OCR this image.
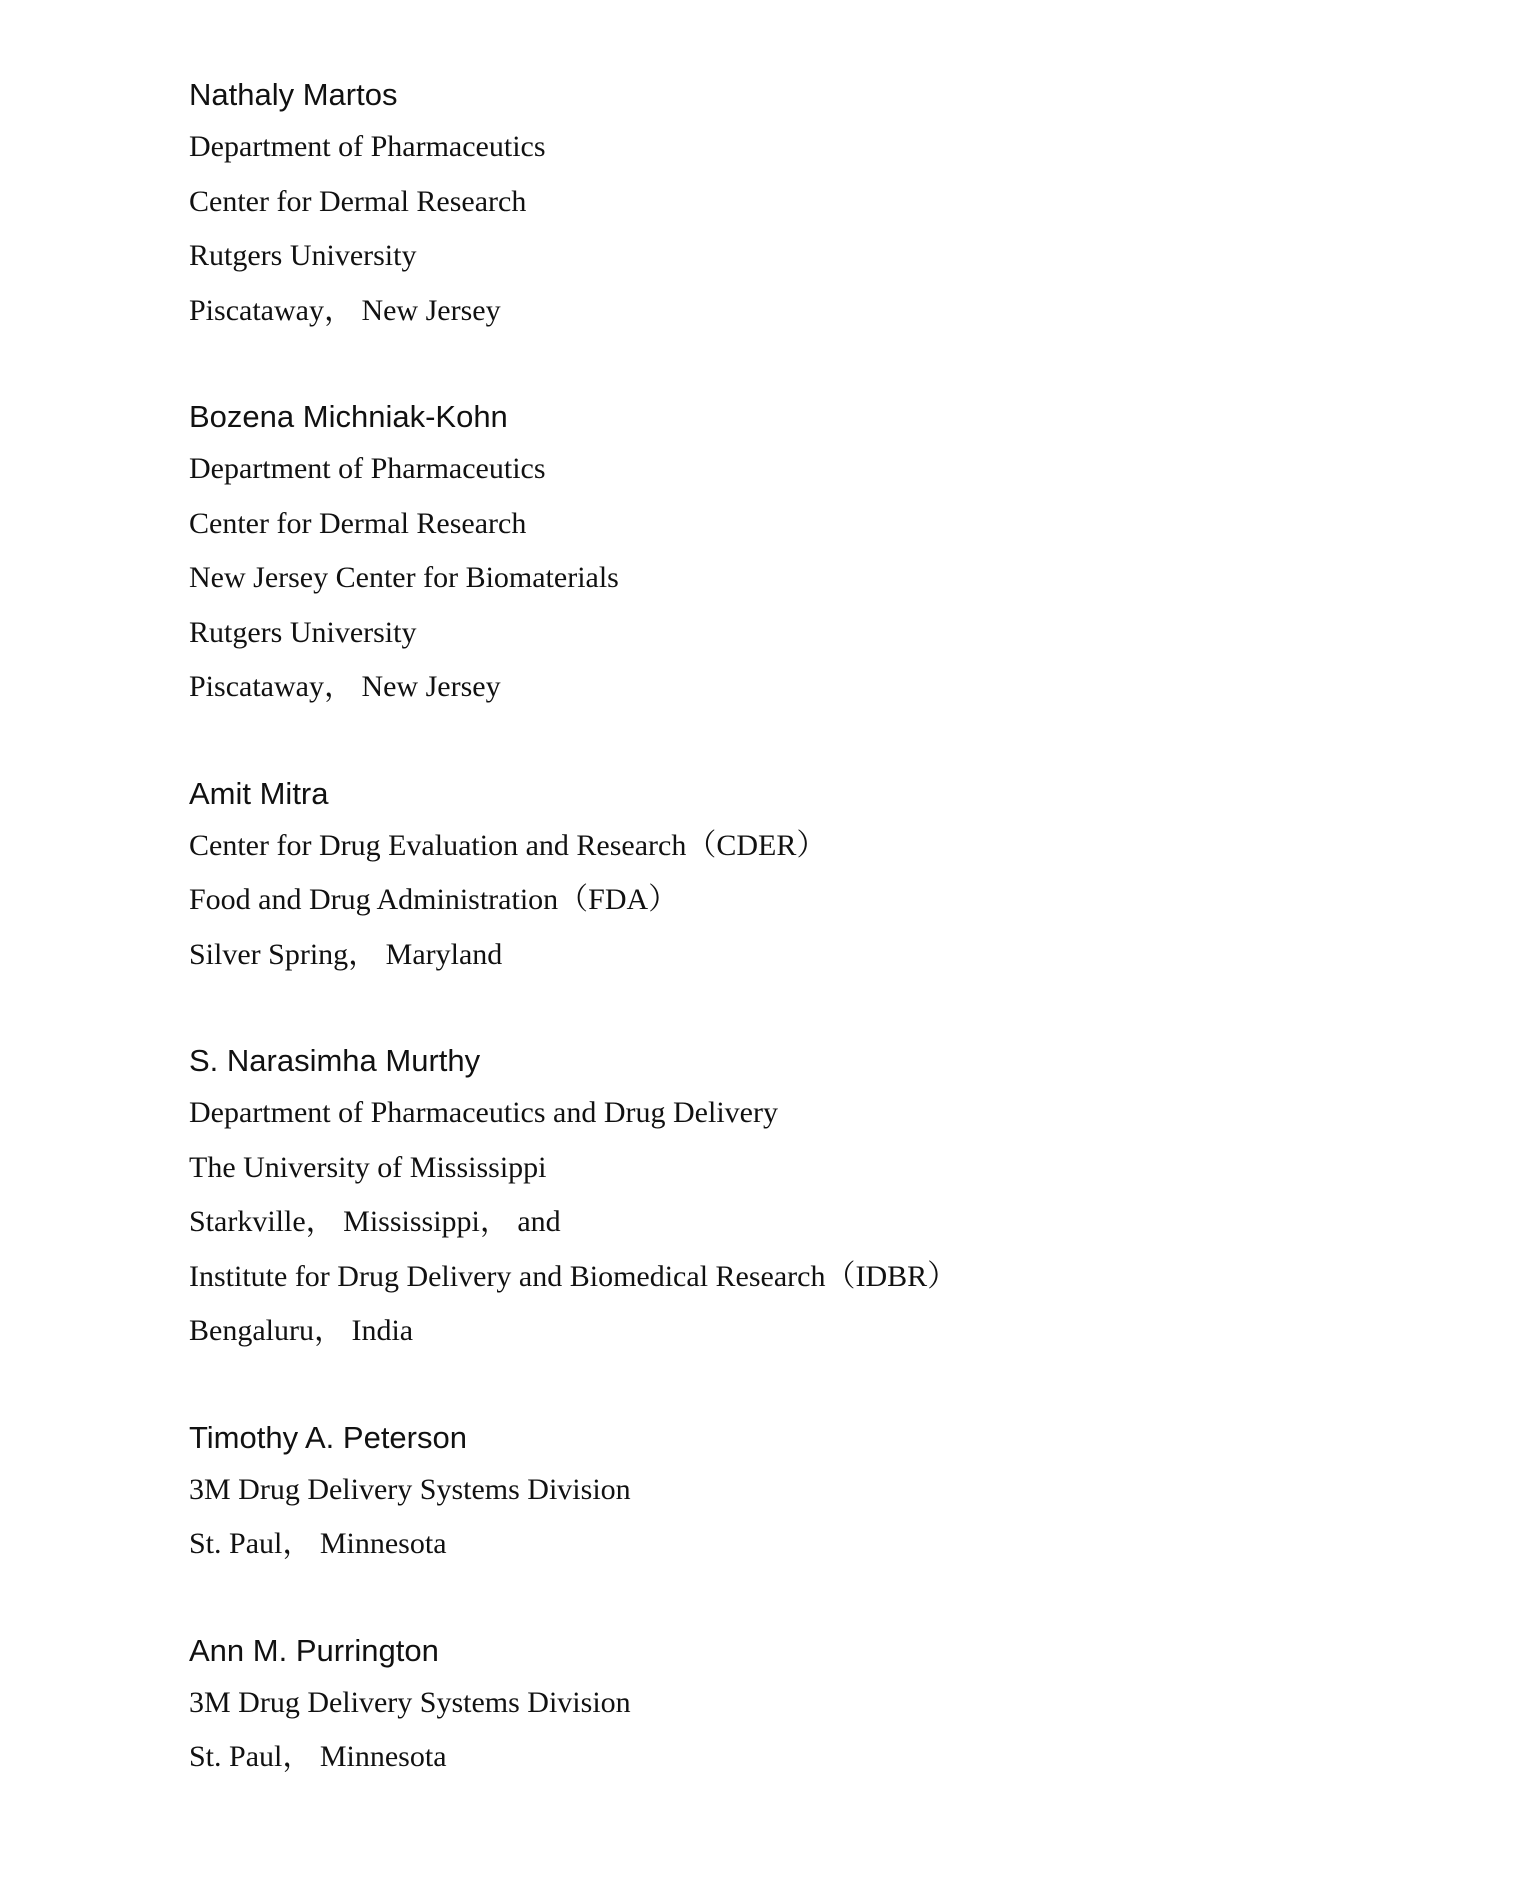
Nathaly Martos
Department of Pharmaceutics
Center for Dermal Research
Rutgers University
Piscataway， New Jersey
Bozena Michniak-Kohn
Department of Pharmaceutics
Center for Dermal Research
New Jersey Center for Biomaterials
Rutgers University
Piscataway， New Jersey
Amit Mitra
Center for Drug Evaluation and Research（CDER）
Food and Drug Administration（FDA）
Silver Spring， Maryland
S. Narasimha Murthy
Department of Pharmaceutics and Drug Delivery
The University of Mississippi
Starkville， Mississippi， and
Institute for Drug Delivery and Biomedical Research（IDBR）
Bengaluru， India
Timothy A. Peterson
3M Drug Delivery Systems Division
St. Paul， Minnesota
Ann M. Purrington
3M Drug Delivery Systems Division
St. Paul， Minnesota
